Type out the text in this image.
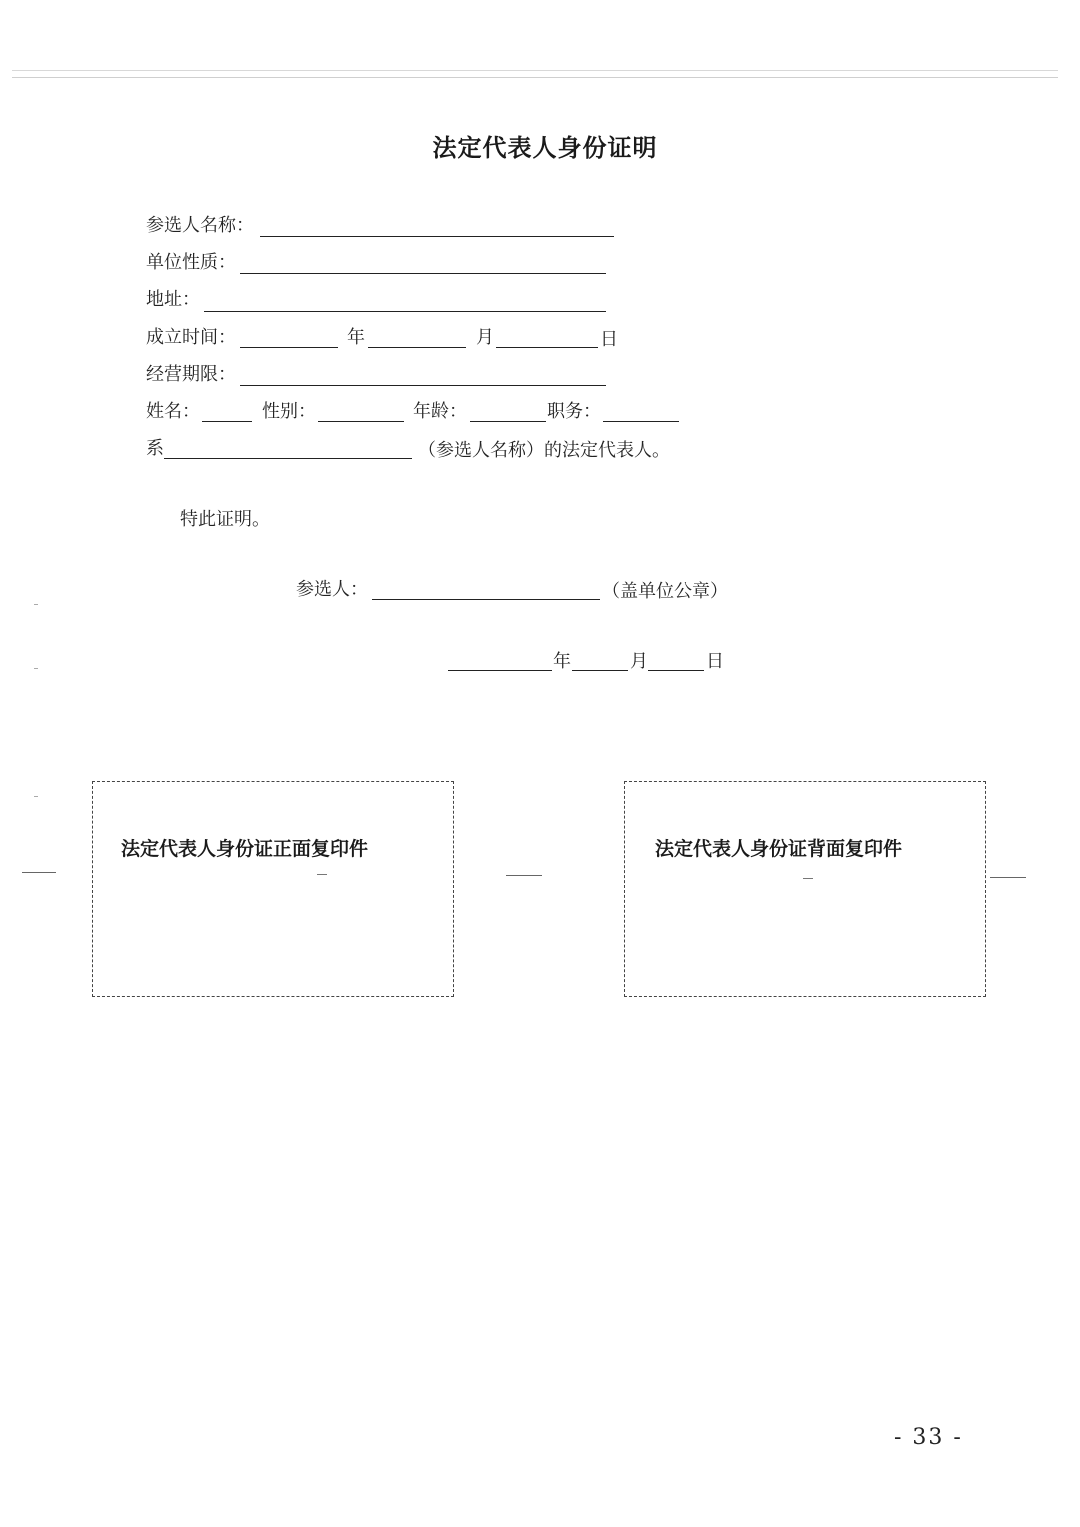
法定代表人身份证明
参选人名称：
单位性质：
地址：
成立时间：	年	月	日
经营期限：
姓名：	性别：	年龄：	职务：
系	（参选人名称）的法定代表人。
特此证明。
参选人：	（盖单位公章）
年	月	日
法定代表人身份证正面复印件	法定代表人身份证背面复印件
- 33 -
